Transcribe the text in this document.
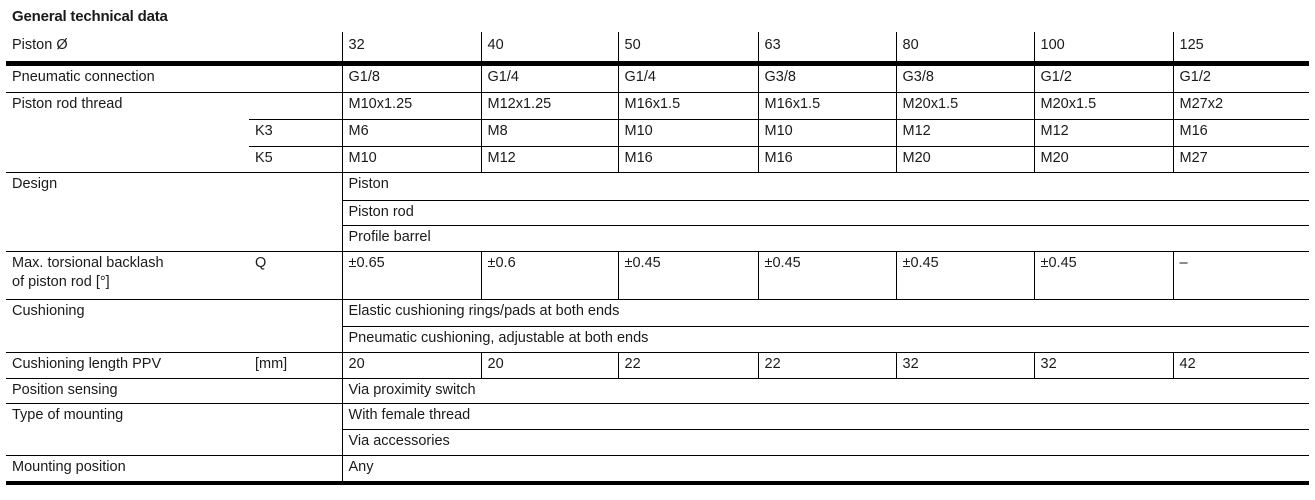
General technical data
Piston Ø		32	40	50	63	80	100	125
Pneumatic connection		G1/8	G1/4	G1/4	G3/8	G3/8	G1/2	G1/2
Piston rod thread		M10x1.25	M12x1.25	M16x1.5	M16x1.5	M20x1.5	M20x1.5	M27x2
	K3	M6	M8	M10	M10	M12	M12	M16
	K5	M10	M12	M16	M16	M20	M20	M27
Design		Piston						
		Piston rod						
		Profile barrel						
Max. torsional backlash
of piston rod [°]	Q	±0.65	±0.6	±0.45	±0.45	±0.45	±0.45	–
Cushioning		Elastic cushioning rings/pads at both ends						
		Pneumatic cushioning, adjustable at both ends						
Cushioning length PPV	[mm]	20	20	22	22	32	32	42
Position sensing		Via proximity switch						
Type of mounting		With female thread						
		Via accessories						
Mounting position		Any						
